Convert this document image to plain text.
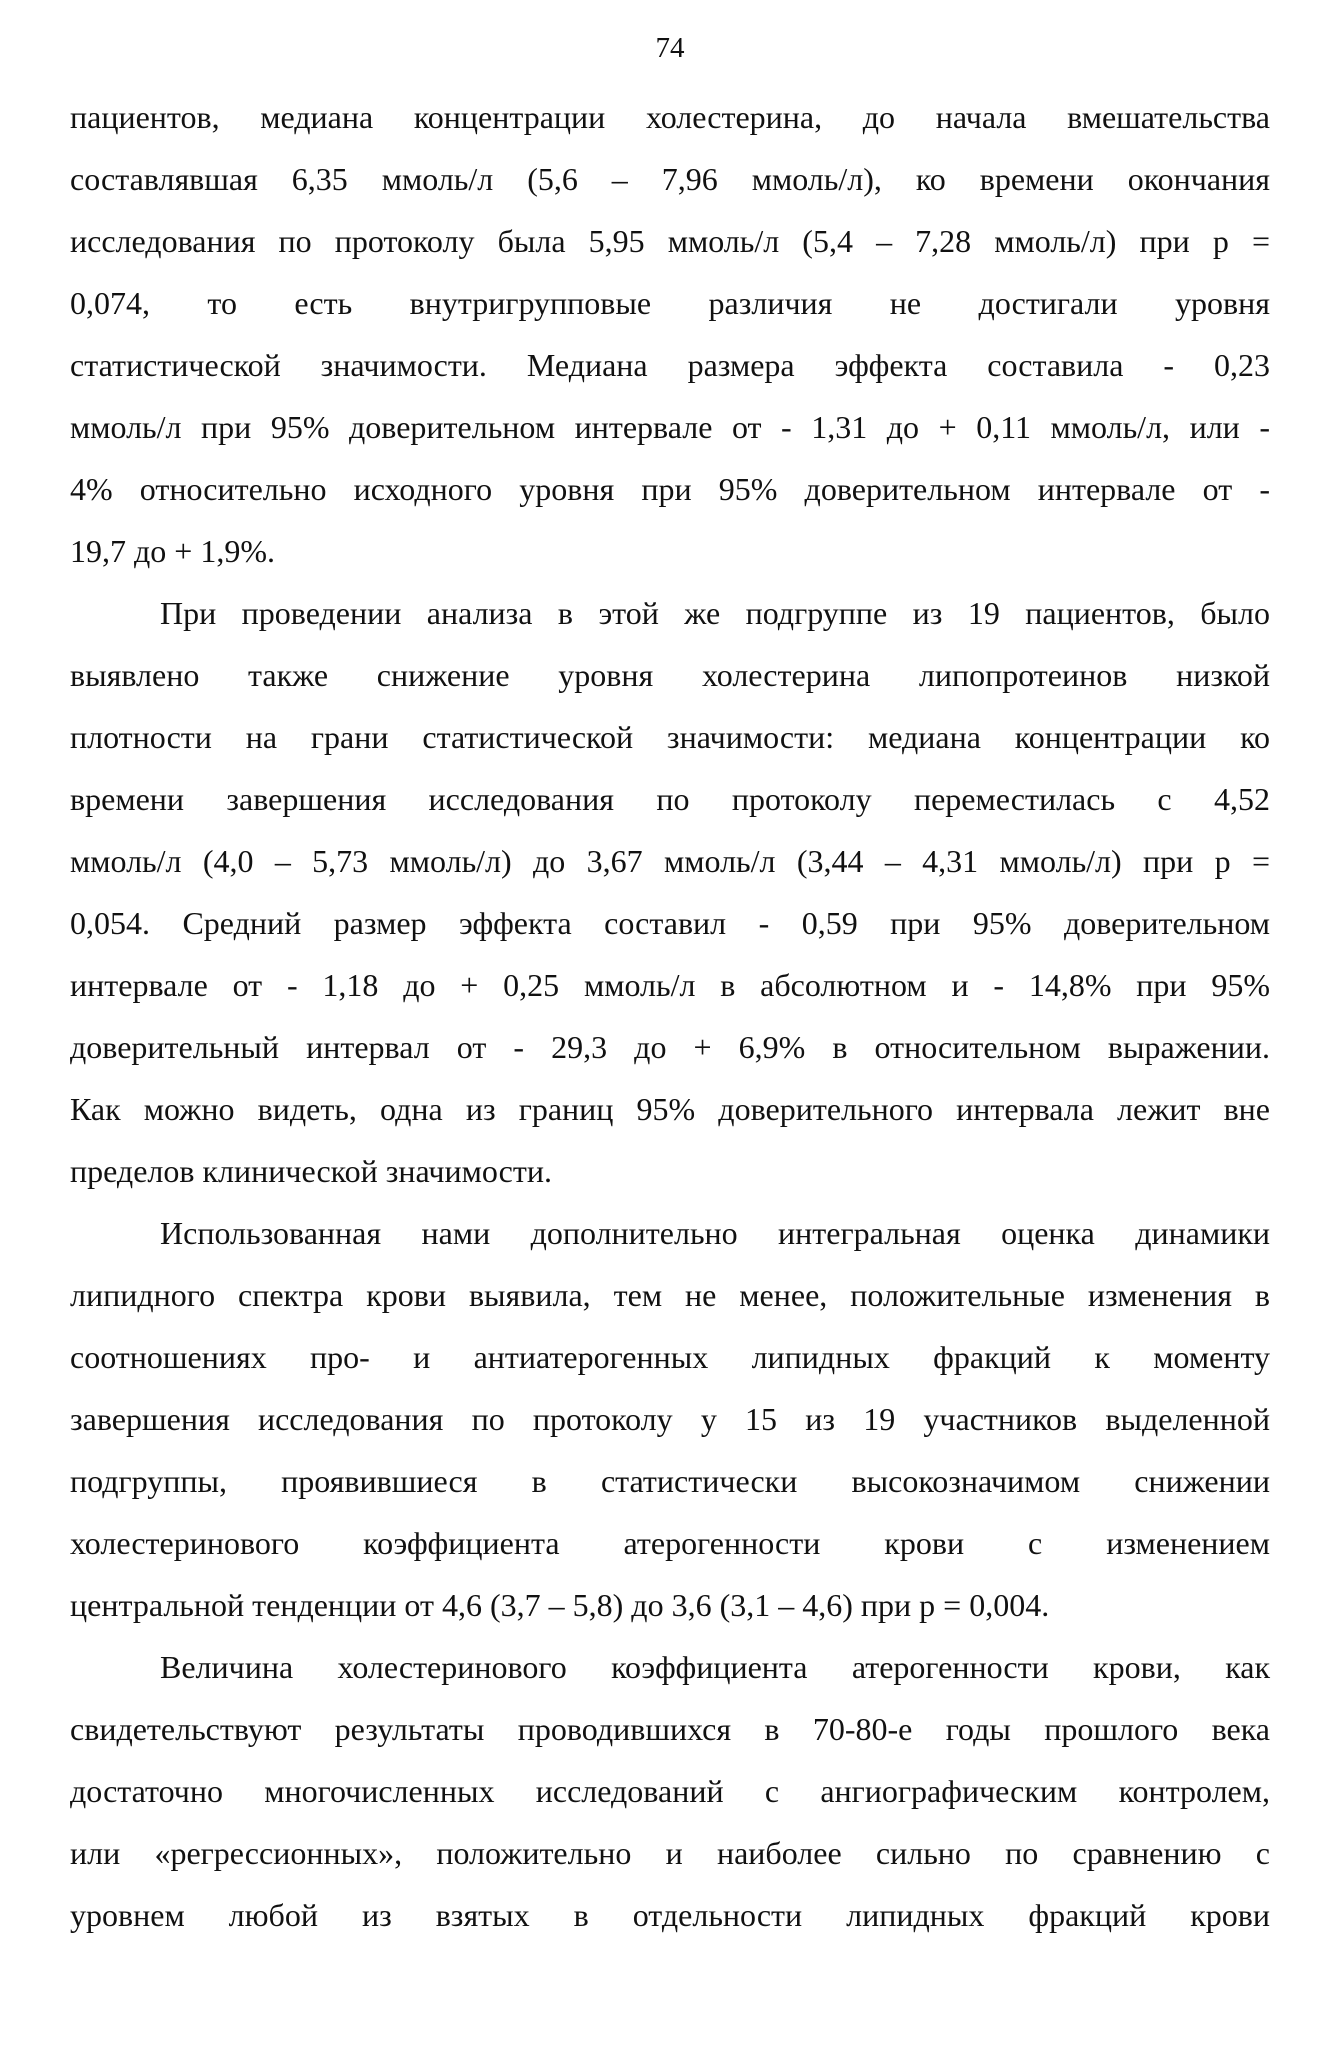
74
пациентов, медиана концентрации холестерина, до начала вмешательства
составлявшая 6,35 ммоль/л (5,6 – 7,96 ммоль/л), ко времени окончания
исследования по протоколу была 5,95 ммоль/л (5,4 – 7,28 ммоль/л) при р =
0,074, то есть внутригрупповые различия не достигали уровня
статистической значимости. Медиана размера эффекта составила - 0,23
ммоль/л при 95% доверительном интервале от - 1,31 до + 0,11 ммоль/л, или -
4% относительно исходного уровня при 95% доверительном интервале от -
19,7 до + 1,9%.
При проведении анализа в этой же подгруппе из 19 пациентов, было
выявлено также снижение уровня холестерина липопротеинов низкой
плотности на грани статистической значимости: медиана концентрации ко
времени завершения исследования по протоколу переместилась с 4,52
ммоль/л (4,0 – 5,73 ммоль/л) до 3,67 ммоль/л (3,44 – 4,31 ммоль/л) при р =
0,054. Средний размер эффекта составил - 0,59 при 95% доверительном
интервале от - 1,18 до + 0,25 ммоль/л в абсолютном и - 14,8% при 95%
доверительный интервал от - 29,3 до + 6,9% в относительном выражении.
Как можно видеть, одна из границ 95% доверительного интервала лежит вне
пределов клинической значимости.
Использованная нами дополнительно интегральная оценка динамики
липидного спектра крови выявила, тем не менее, положительные изменения в
соотношениях про- и антиатерогенных липидных фракций к моменту
завершения исследования по протоколу у 15 из 19 участников выделенной
подгруппы, проявившиеся в статистически высокозначимом снижении
холестеринового коэффициента атерогенности крови с изменением
центральной тенденции от 4,6 (3,7 – 5,8) до 3,6 (3,1 – 4,6) при р = 0,004.
Величина холестеринового коэффициента атерогенности крови, как
свидетельствуют результаты проводившихся в 70-80-е годы прошлого века
достаточно многочисленных исследований с ангиографическим контролем,
или «регрессионных», положительно и наиболее сильно по сравнению с
уровнем любой из взятых в отдельности липидных фракций крови
